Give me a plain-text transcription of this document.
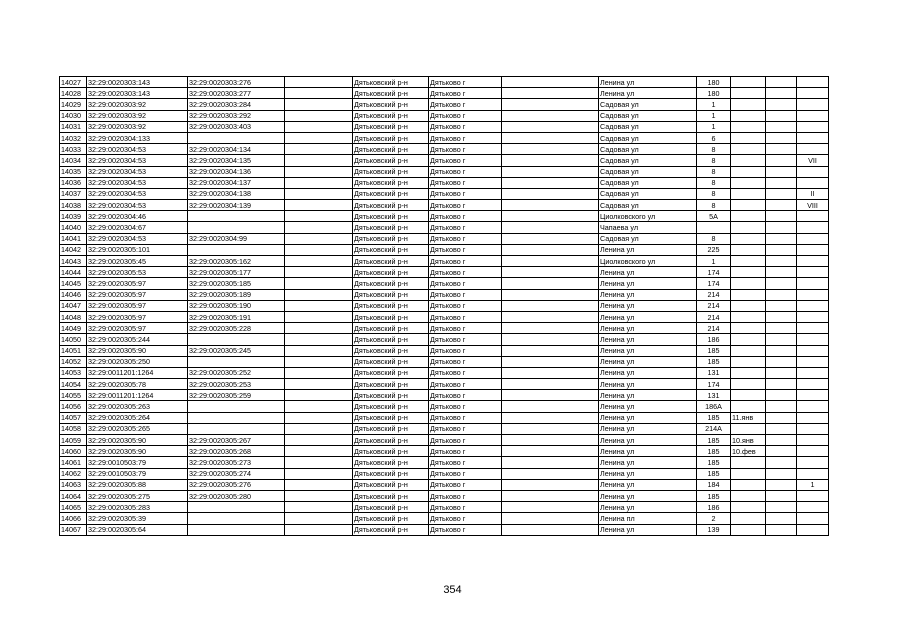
14027	32:29:0020303:143	32:29:0020303:276		Дятьковский р-н	Дятьково г		Ленина ул	180			
14028	32:29:0020303:143	32:29:0020303:277		Дятьковский р-н	Дятьково г		Ленина ул	180			
14029	32:29:0020303:92	32:29:0020303:284		Дятьковский р-н	Дятьково г		Садовая ул	1			
14030	32:29:0020303:92	32:29:0020303:292		Дятьковский р-н	Дятьково г		Садовая ул	1			
14031	32:29:0020303:92	32:29:0020303:403		Дятьковский р-н	Дятьково г		Садовая ул	1			
14032	32:29:0020304:133			Дятьковский р-н	Дятьково г		Садовая ул	6			
14033	32:29:0020304:53	32:29:0020304:134		Дятьковский р-н	Дятьково г		Садовая ул	8			
14034	32:29:0020304:53	32:29:0020304:135		Дятьковский р-н	Дятьково г		Садовая ул	8			VII
14035	32:29:0020304:53	32:29:0020304:136		Дятьковский р-н	Дятьково г		Садовая ул	8			
14036	32:29:0020304:53	32:29:0020304:137		Дятьковский р-н	Дятьково г		Садовая ул	8			
14037	32:29:0020304:53	32:29:0020304:138		Дятьковский р-н	Дятьково г		Садовая ул	8			II
14038	32:29:0020304:53	32:29:0020304:139		Дятьковский р-н	Дятьково г		Садовая ул	8			VIII
14039	32:29:0020304:46			Дятьковский р-н	Дятьково г		Циолковского ул	5А			
14040	32:29:0020304:67			Дятьковский р-н	Дятьково г		Чапаева ул				
14041	32:29:0020304:53	32:29:0020304:99		Дятьковский р-н	Дятьково г		Садовая ул	8			
14042	32:29:0020305:101			Дятьковский р-н	Дятьково г		Ленина ул	225			
14043	32:29:0020305:45	32:29:0020305:162		Дятьковский р-н	Дятьково г		Циолковского ул	1			
14044	32:29:0020305:53	32:29:0020305:177		Дятьковский р-н	Дятьково г		Ленина ул	174			
14045	32:29:0020305:97	32:29:0020305:185		Дятьковский р-н	Дятьково г		Ленина ул	174			
14046	32:29:0020305:97	32:29:0020305:189		Дятьковский р-н	Дятьково г		Ленина ул	214			
14047	32:29:0020305:97	32:29:0020305:190		Дятьковский р-н	Дятьково г		Ленина ул	214			
14048	32:29:0020305:97	32:29:0020305:191		Дятьковский р-н	Дятьково г		Ленина ул	214			
14049	32:29:0020305:97	32:29:0020305:228		Дятьковский р-н	Дятьково г		Ленина ул	214			
14050	32:29:0020305:244			Дятьковский р-н	Дятьково г		Ленина ул	186			
14051	32:29:0020305:90	32:29:0020305:245		Дятьковский р-н	Дятьково г		Ленина ул	185			
14052	32:29:0020305:250			Дятьковский р-н	Дятьково г		Ленина ул	185			
14053	32:29:0011201:1264	32:29:0020305:252		Дятьковский р-н	Дятьково г		Ленина ул	131			
14054	32:29:0020305:78	32:29:0020305:253		Дятьковский р-н	Дятьково г		Ленина ул	174			
14055	32:29:0011201:1264	32:29:0020305:259		Дятьковский р-н	Дятьково г		Ленина ул	131			
14056	32:29:0020305:263			Дятьковский р-н	Дятьково г		Ленина ул	186А			
14057	32:29:0020305:264			Дятьковский р-н	Дятьково г		Ленина ул	185	11.янв		
14058	32:29:0020305:265			Дятьковский р-н	Дятьково г		Ленина ул	214А			
14059	32:29:0020305:90	32:29:0020305:267		Дятьковский р-н	Дятьково г		Ленина ул	185	10.янв		
14060	32:29:0020305:90	32:29:0020305:268		Дятьковский р-н	Дятьково г		Ленина ул	185	10.фев		
14061	32:29:0010503:79	32:29:0020305:273		Дятьковский р-н	Дятьково г		Ленина ул	185			
14062	32:29:0010503:79	32:29:0020305:274		Дятьковский р-н	Дятьково г		Ленина ул	185			
14063	32:29:0020305:88	32:29:0020305:276		Дятьковский р-н	Дятьково г		Ленина ул	184			1
14064	32:29:0020305:275	32:29:0020305:280		Дятьковский р-н	Дятьково г		Ленина ул	185			
14065	32:29:0020305:283			Дятьковский р-н	Дятьково г		Ленина ул	186			
14066	32:29:0020305:39			Дятьковский р-н	Дятьково г		Ленина пл	2			
14067	32:29:0020305:64			Дятьковский р-н	Дятьково г		Ленина ул	139			
354
